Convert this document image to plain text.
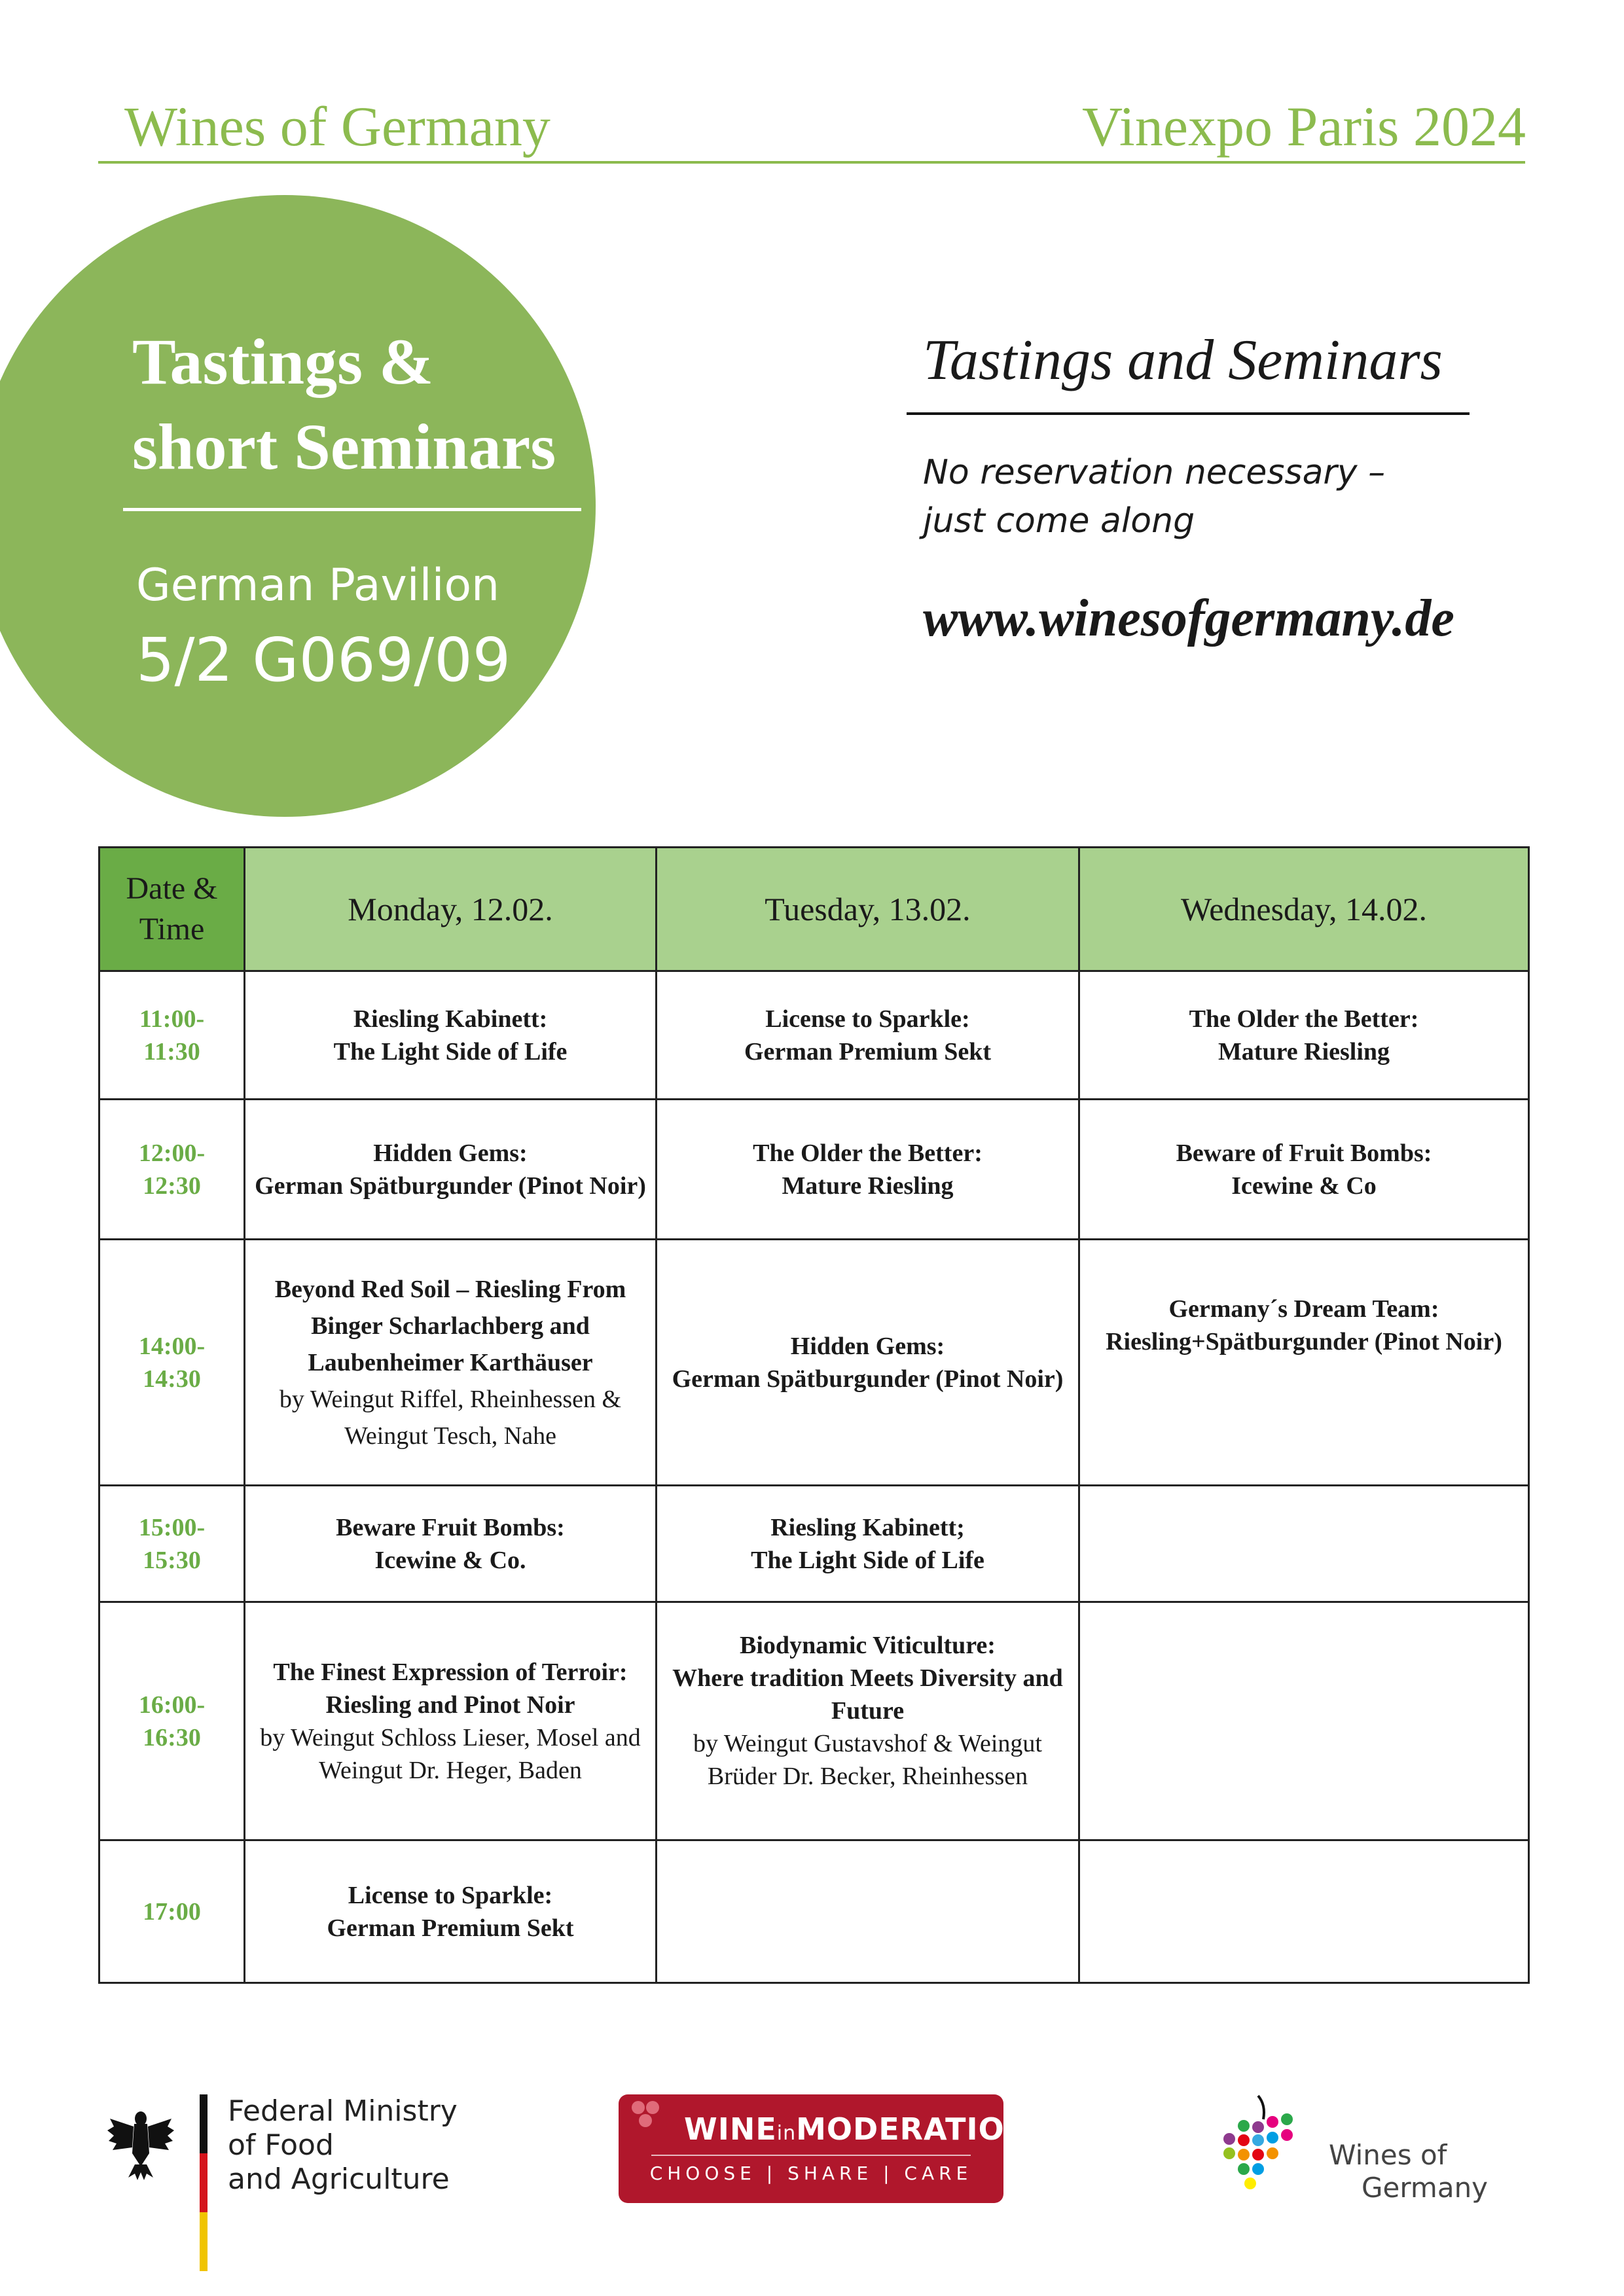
Wines of Germany	Vinexpo Paris 2024
Tastings &
short Seminars
German Pavilion
5/2 G069/09
Tastings and Seminars
No reservation necessary –
just come along
www.winesofgermany.de
Date &
Time	Monday, 12.02.	Tuesday, 13.02.	Wednesday, 14.02.

11:00-
11:30	Riesling Kabinett:
The Light Side of Life	License to Sparkle:
German Premium Sekt	The Older the Better:
Mature Riesling

12:00-
12:30	Hidden Gems:
German Spätburgunder (Pinot Noir)	The Older the Better:
Mature Riesling	Beware of Fruit Bombs:
Icewine & Co

14:00-
14:30	Beyond Red Soil – Riesling From Binger Scharlachberg and Laubenheimer Karthäuser
by Weingut Riffel, Rheinhessen &
Weingut Tesch, Nahe	Hidden Gems:
German Spätburgunder (Pinot Noir)	Germany´s Dream Team:
Riesling+Spätburgunder (Pinot Noir)

15:00-
15:30	Beware Fruit Bombs:
Icewine & Co.	Riesling Kabinett;
The Light Side of Life	

16:00-
16:30	The Finest Expression of Terroir:
Riesling and Pinot Noir
by Weingut Schloss Lieser, Mosel and
Weingut Dr. Heger, Baden	Biodynamic Viticulture:
Where tradition Meets Diversity and Future
by Weingut Gustavshof & Weingut
Brüder Dr. Becker, Rheinhessen	

17:00	License to Sparkle:
German Premium Sekt		

Federal Ministry
of Food
and Agriculture
WINEinMODERATION
CHOOSE | SHARE | CARE
Wines of
Germany
